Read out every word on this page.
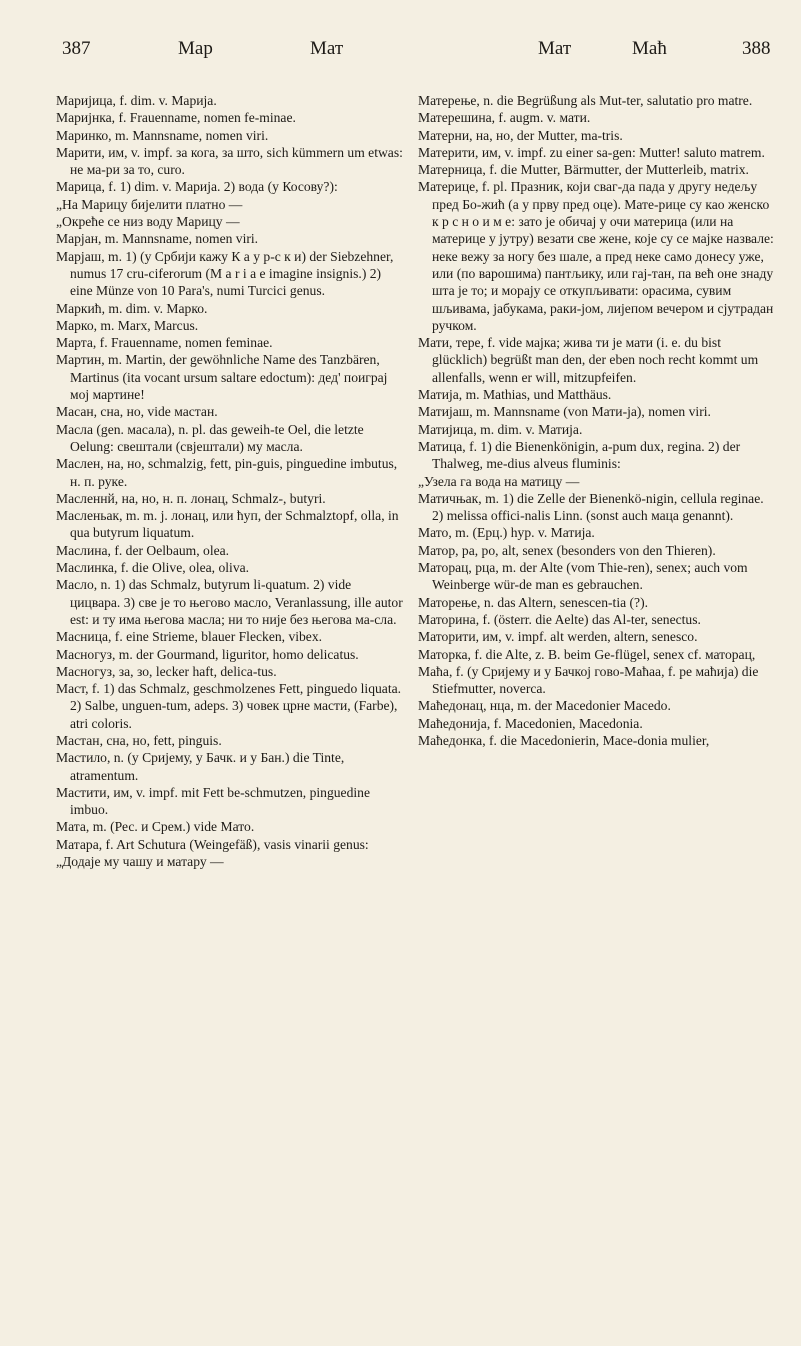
387	Мар	Мат	Мат	Маћ	388
Маријица, f. dim. v. Марија.
Маријнка, f. Frauenname, nomen fe-minae.
Маринко, m. Mannsname, nomen viri.
Марити, им, v. impf. за кога, за што, sich kümmern um etwas: не ма-ри за то, curo.
Марица, f. 1) dim. v. Марија. 2) вода (у Косову?):
„На Марицу бијелити платно —
„Окреће се низ воду Марицу —
Марјан, m. Mannsname, nomen viri.
Марјаш, m. 1) (у Србији кажу К а у р-с к и) der Siebzehner, numus 17 cru-ciferorum (M a r i a e imagine insignis.) 2) eine Münze von 10 Para's, numi Turcici genus.
Маркић, m. dim. v. Марко.
Марко, m. Marx, Marcus.
Марта, f. Frauenname, nomen feminae.
Мартин, m. Martin, der gewöhnliche Name des Tanzbären, Martinus (ita vocant ursum saltare edoctum): дед' поиграј мој мартине!
Масан, сна, но, vide мастан.
Масла (gen. масала), n. pl. das geweih-te Oel, die letzte Oelung: свештали (свјештали) му масла.
Маслен, на, но, schmalzig, fett, pin-guis, pinguedine imbutus, н. п. руке.
Масленнй, на, но, н. п. лонац, Schmalz-, butyri.
Масленьак, m. m. j. лонац, или ћуп, der Schmalztopf, olla, in qua butyrum liquatum.
Маслина, f. der Oelbaum, olea.
Маслинка, f. die Olive, olea, oliva.
Масло, n. 1) das Schmalz, butyrum li-quatum. 2) vide цицвара. 3) све је то његово масло, Veranlassung, ille autor est: и ту има његова масла; ни то није без његова ма-сла.
Масница, f. eine Strieme, blauer Flecken, vibex.
Масногуз, m. der Gourmand, liguritor, homo delicatus.
Масногуз, за, зо, lecker haft, delica-tus.
Маст, f. 1) das Schmalz, geschmolzenes Fett, pinguedo liquata. 2) Salbe, unguen-tum, adeps. 3) човек црне масти, (Farbe), atri coloris.
Мастан, сна, но, fett, pinguis.
Мастило, n. (у Сријему, у Бачк. и у Бан.) die Tinte, atramentum.
Мастити, им, v. impf. mit Fett be-schmutzen, pinguedine imbuo.
Мата, m. (Рес. и Срем.) vide Мато.
Матара, f. Art Schutura (Weingefäß), vasis vinarii genus:
„Додаје му чашу и матару —
Матерење, n. die Begrüßung als Mut-ter, salutatio pro matre.
Матерешина, f. augm. v. мати.
Матерни, на, но, der Mutter, ma-tris.
Материти, им, v. impf. zu einer sa-gen: Mutter! saluto matrem.
Матерница, f. die Mutter, Bärmutter, der Mutterleib, matrix.
Материце, f. pl. Празник, који сваг-да пада у другу недељу пред Бо-жић (а у прву пред оце). Мате-рице су као женско к р с н о и м е: зато је обичај у очи материца (или на материце у јутру) везати све жене, које су се мајке назвале: неке вежу за ногу без шале, а пред неке само донесу уже, или (по варошима) пантљику, или гај-тан, па већ оне знаду шта је то; и морају се откупљивати: орасима, сувим шљивама, јабукама, раки-јом, лијепом вечером и сјутрадан ручком.
Мати, тере, f. vide мајка; жива ти је мати (i. e. du bist glücklich) begrüßt man den, der eben noch recht kommt um allenfalls, wenn er will, mitzupfeifen.
Матија, m. Mathias, und Matthäus.
Матијаш, m. Mannsname (von Мати-ја), nomen viri.
Матијица, m. dim. v. Матија.
Матица, f. 1) die Bienenkönigin, a-pum dux, regina. 2) der Thalweg, me-dius alveus fluminis:
„Узела га вода на матицу —
Матичњак, m. 1) die Zelle der Bienenkö-nigin, cellula reginae. 2) melissa offici-nalis Linn. (sonst auch маца genannt).
Мато, m. (Ерц.) hyp. v. Матија.
Матор, ра, ро, alt, senex (besonders von den Thieren).
Маторац, рца, m. der Alte (vom Thie-ren), senex; auch vom Weinberge wür-de man es gebrauchen.
Маторење, n. das Altern, senescen-tia (?).
Маторина, f. (österr. die Aelte) das Al-ter, senectus.
Маторити, им, v. impf. alt werden, altern, senesco.
Маторка, f. die Alte, z. B. beim Ge-flügel, senex cf. маторац,
Маћа, f. (у Сријему и у Бачкој гово-Маћаа, f. ре маћија) die Stiefmutter, noverca.
Маћедонац, нца, m. der Macedonier Macedo.
Маћедонија, f. Macedonien, Macedonia.
Маћедонка, f. die Macedonierin, Mace-donia mulier,
